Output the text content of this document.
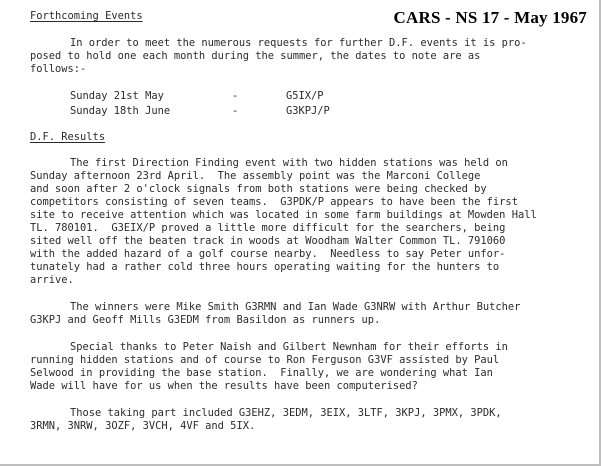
CARS - NS 17 - May 1967
Forthcoming Events
In order to meet the numerous requests for further D.F. events it is pro-
posed to hold one each month during the summer, the dates to note are as
follows:-
Sunday 21st May	-	G5IX/P
Sunday 18th June	-	G3KPJ/P
D.F. Results
The first Direction Finding event with two hidden stations was held on
Sunday afternoon 23rd April.  The assembly point was the Marconi College
and soon after 2 o'clock signals from both stations were being checked by
competitors consisting of seven teams.  G3PDK/P appears to have been the first
site to receive attention which was located in some farm buildings at Mowden Hall
TL. 780101.  G3EIX/P proved a little more difficult for the searchers, being
sited well off the beaten track in woods at Woodham Walter Common TL. 791060
with the added hazard of a golf course nearby.  Needless to say Peter unfor-
tunately had a rather cold three hours operating waiting for the hunters to
arrive.
The winners were Mike Smith G3RMN and Ian Wade G3NRW with Arthur Butcher
G3KPJ and Geoff Mills G3EDM from Basildon as runners up.
Special thanks to Peter Naish and Gilbert Newnham for their efforts in
running hidden stations and of course to Ron Ferguson G3VF assisted by Paul
Selwood in providing the base station.  Finally, we are wondering what Ian
Wade will have for us when the results have been computerised?
Those taking part included G3EHZ, 3EDM, 3EIX, 3LTF, 3KPJ, 3PMX, 3PDK,
3RMN, 3NRW, 3OZF, 3VCH, 4VF and 5IX.
